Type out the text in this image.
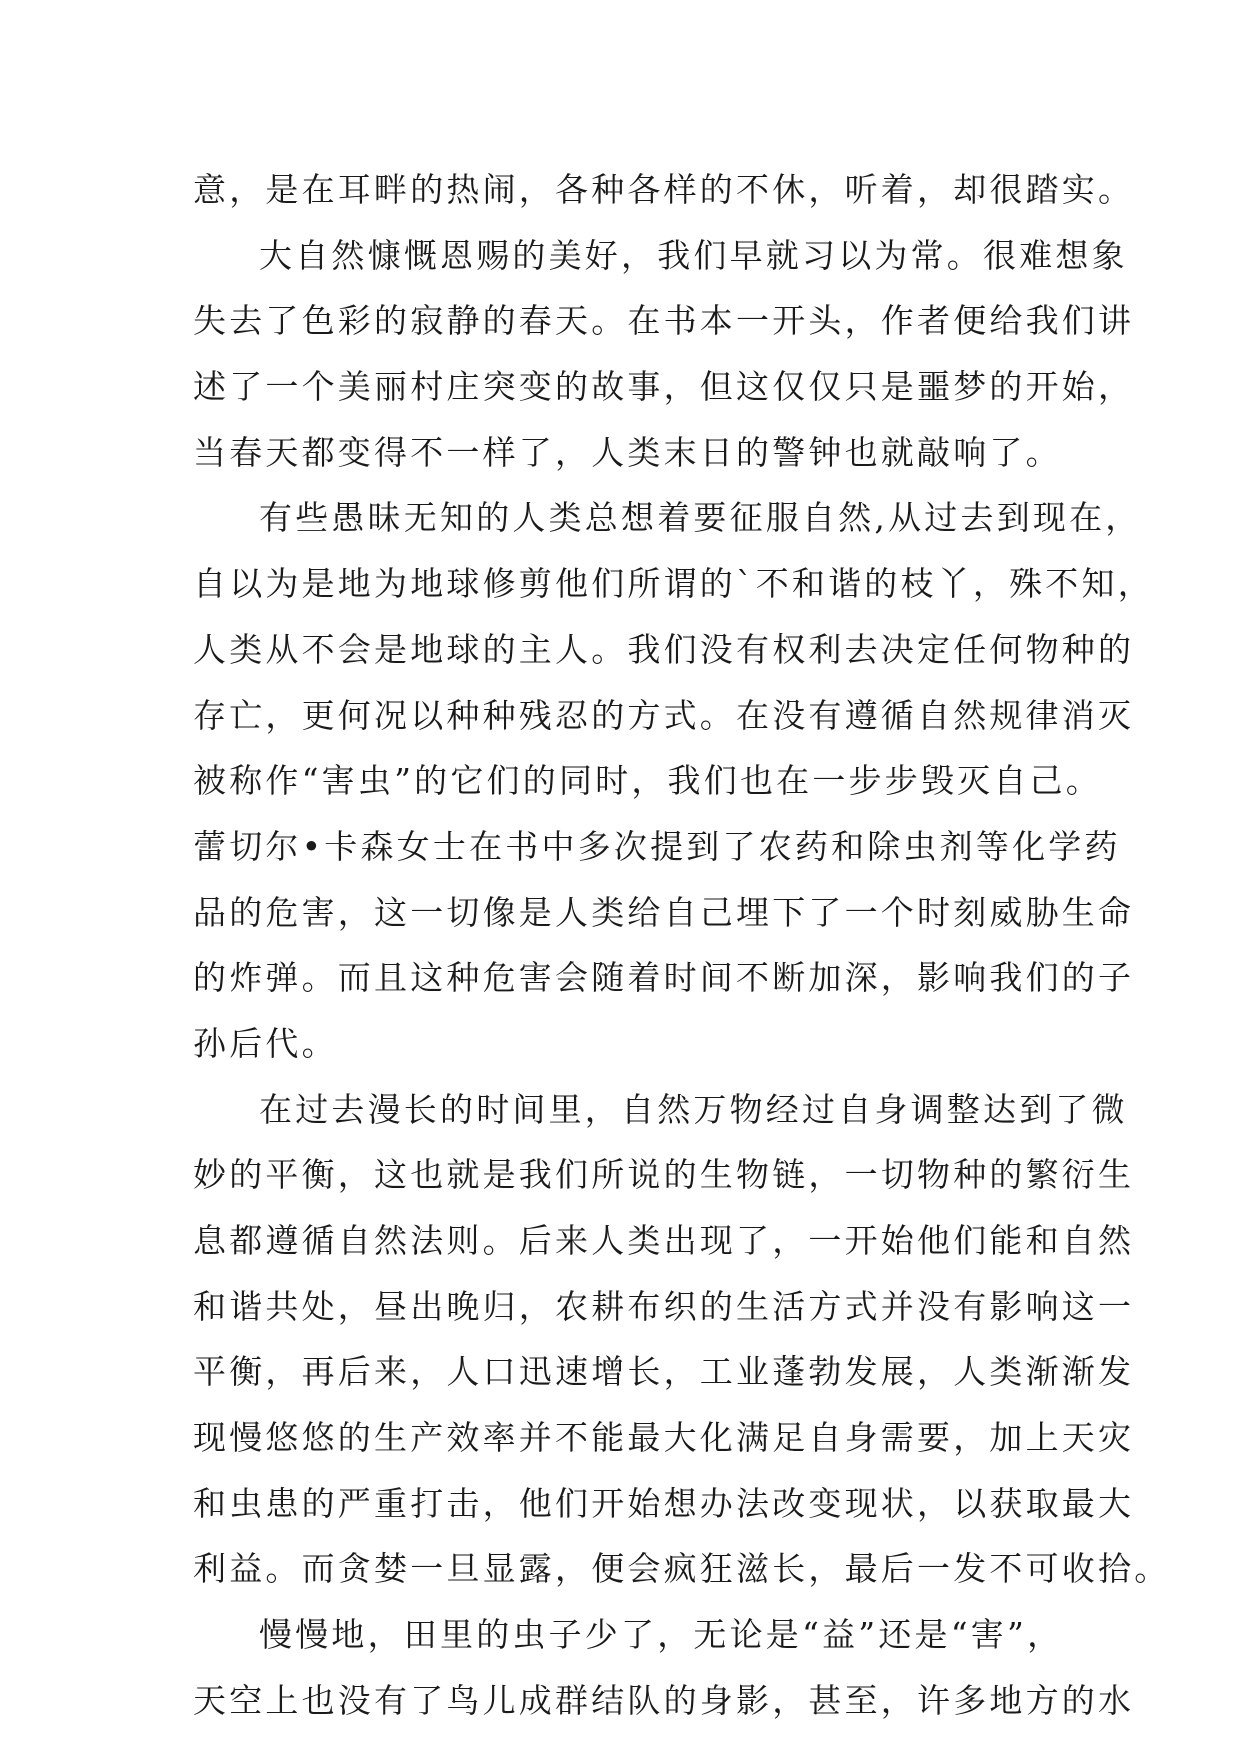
意，是在耳畔的热闹，各种各样的不休，听着，却很踏实。
大自然慷慨恩赐的美好，我们早就习以为常。很难想象
失去了色彩的寂静的春天。在书本一开头，作者便给我们讲
述了一个美丽村庄突变的故事，但这仅仅只是噩梦的开始，
当春天都变得不一样了，人类末日的警钟也就敲响了。
有些愚昧无知的人类总想着要征服自然,从过去到现在，
自以为是地为地球修剪他们所谓的`不和谐的枝丫，殊不知，
人类从不会是地球的主人。我们没有权利去决定任何物种的
存亡，更何况以种种残忍的方式。在没有遵循自然规律消灭
被称作“害虫”的它们的同时，我们也在一步步毁灭自己。
蕾切尔•卡森女士在书中多次提到了农药和除虫剂等化学药
品的危害，这一切像是人类给自己埋下了一个时刻威胁生命
的炸弹。而且这种危害会随着时间不断加深，影响我们的子
孙后代。
在过去漫长的时间里，自然万物经过自身调整达到了微
妙的平衡，这也就是我们所说的生物链，一切物种的繁衍生
息都遵循自然法则。后来人类出现了，一开始他们能和自然
和谐共处，昼出晚归，农耕布织的生活方式并没有影响这一
平衡，再后来，人口迅速增长，工业蓬勃发展，人类渐渐发
现慢悠悠的生产效率并不能最大化满足自身需要，加上天灾
和虫患的严重打击，他们开始想办法改变现状，以获取最大
利益。而贪婪一旦显露，便会疯狂滋长，最后一发不可收拾。
慢慢地，田里的虫子少了，无论是“益”还是“害”，
天空上也没有了鸟儿成群结队的身影，甚至，许多地方的水
